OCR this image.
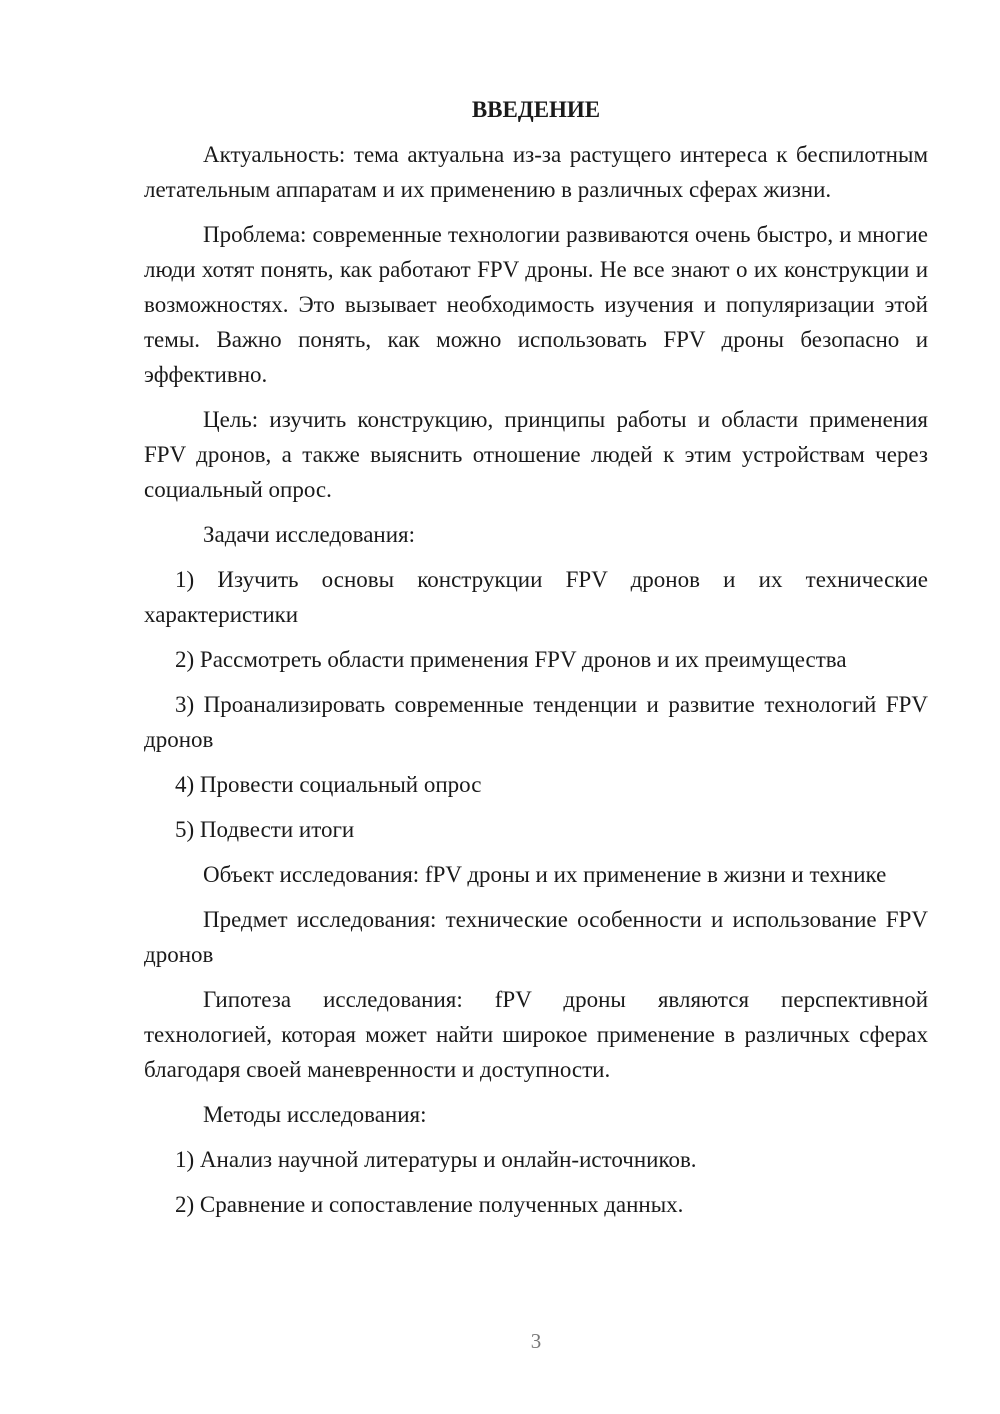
ВВЕДЕНИЕ

Актуальность: тема актуальна из-за растущего интереса к беспилотным летательным аппаратам и их применению в различных сферах жизни.

Проблема: современные технологии развиваются очень быстро, и многие люди хотят понять, как работают FPV дроны. Не все знают о их конструкции и возможностях. Это вызывает необходимость изучения и популяризации этой темы. Важно понять, как можно использовать FPV дроны безопасно и эффективно.

Цель: изучить конструкцию, принципы работы и области применения FPV дронов, а также выяснить отношение людей к этим устройствам через социальный опрос.

Задачи исследования:

1) Изучить основы конструкции FPV дронов и их технические характеристики

2) Рассмотреть области применения FPV дронов и их преимущества

3) Проанализировать современные тенденции и развитие технологий FPV дронов

4) Провести социальный опрос

5) Подвести итоги

Объект исследования: fPV дроны и их применение в жизни и технике

Предмет исследования: технические особенности и использование FPV дронов

Гипотеза исследования: fPV дроны являются перспективной технологией, которая может найти широкое применение в различных сферах благодаря своей маневренности и доступности.

Методы исследования:

1) Анализ научной литературы и онлайн-источников.

2) Сравнение и сопоставление полученных данных.

3
